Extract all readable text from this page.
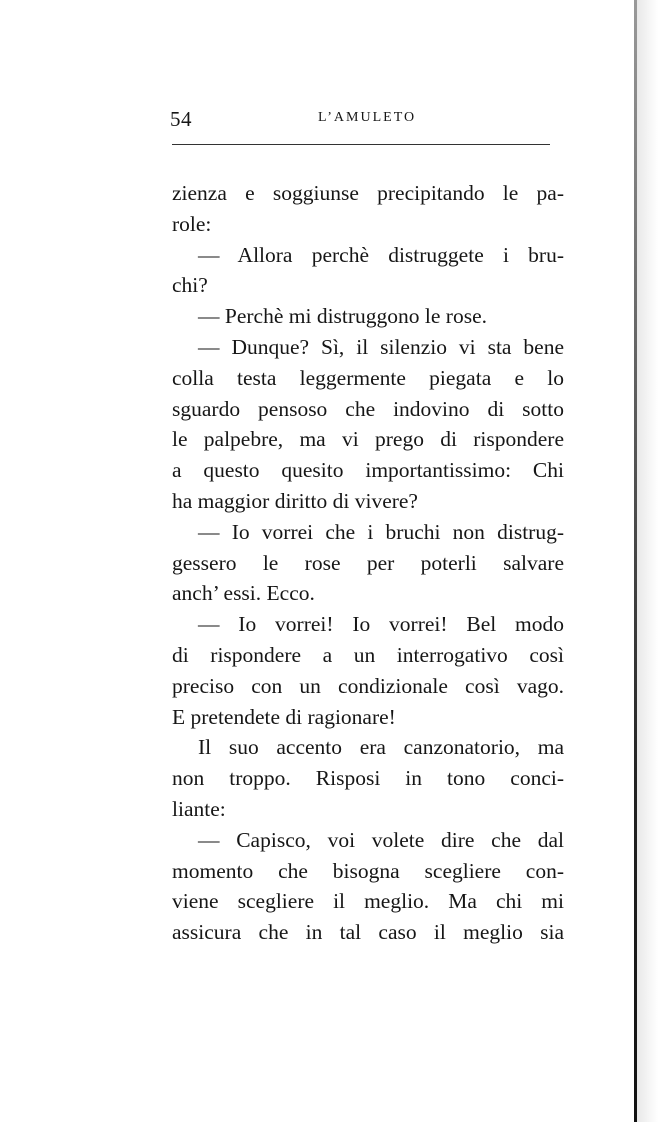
54	L’AMULETO
zienza e soggiunse precipitando le pa-
role:
— Allora perchè distruggete i bru-
chi?
— Perchè mi distruggono le rose.
— Dunque? Sì, il silenzio vi sta bene
colla testa leggermente piegata e lo
sguardo pensoso che indovino di sotto
le palpebre, ma vi prego di rispondere
a questo quesito importantissimo: Chi
ha maggior diritto di vivere?
— Io vorrei che i bruchi non distrug-
gessero le rose per poterli salvare
anch’ essi. Ecco.
— Io vorrei! Io vorrei! Bel modo
di rispondere a un interrogativo così
preciso con un condizionale così vago.
E pretendete di ragionare!
Il suo accento era canzonatorio, ma
non troppo. Risposi in tono conci-
liante:
— Capisco, voi volete dire che dal
momento che bisogna scegliere con-
viene scegliere il meglio. Ma chi mi
assicura che in tal caso il meglio sia
